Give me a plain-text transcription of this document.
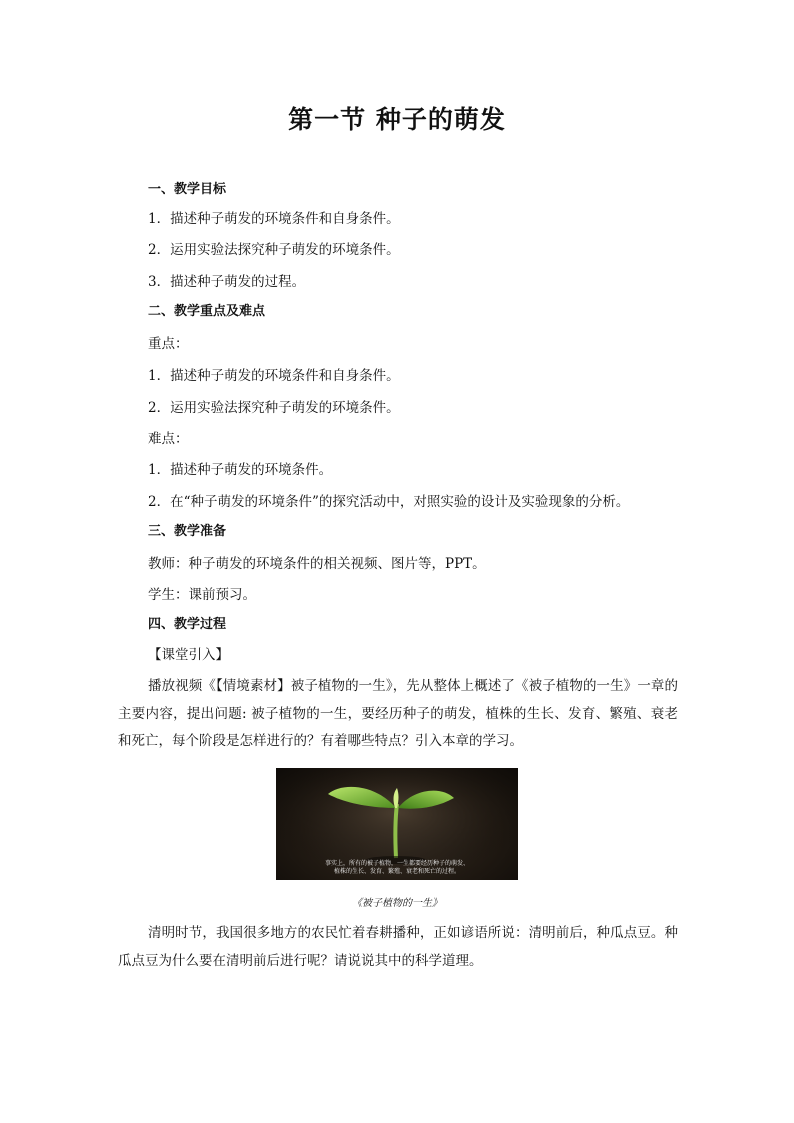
第一节 种子的萌发
一、教学目标
1．描述种子萌发的环境条件和自身条件。
2．运用实验法探究种子萌发的环境条件。
3．描述种子萌发的过程。
二、教学重点及难点
重点：
1．描述种子萌发的环境条件和自身条件。
2．运用实验法探究种子萌发的环境条件。
难点：
1．描述种子萌发的环境条件。
2．在“种子萌发的环境条件”的探究活动中，对照实验的设计及实验现象的分析。
三、教学准备
教师：种子萌发的环境条件的相关视频、图片等，PPT。
学生：课前预习。
四、教学过程
【课堂引入】
播放视频《【情境素材】被子植物的一生》，先从整体上概述了《被子植物的一生》一章的主要内容，提出问题: 被子植物的一生，要经历种子的萌发，植株的生长、发育、繁殖、衰老和死亡，每个阶段是怎样进行的？有着哪些特点？引入本章的学习。
事实上，所有的被子植物，一生都要经历种子的萌发、
植株的生长、发育、繁殖、衰老和死亡的过程。
《被子植物的一生》
清明时节，我国很多地方的农民忙着春耕播种，正如谚语所说：清明前后，种瓜点豆。种瓜点豆为什么要在清明前后进行呢？请说说其中的科学道理。
